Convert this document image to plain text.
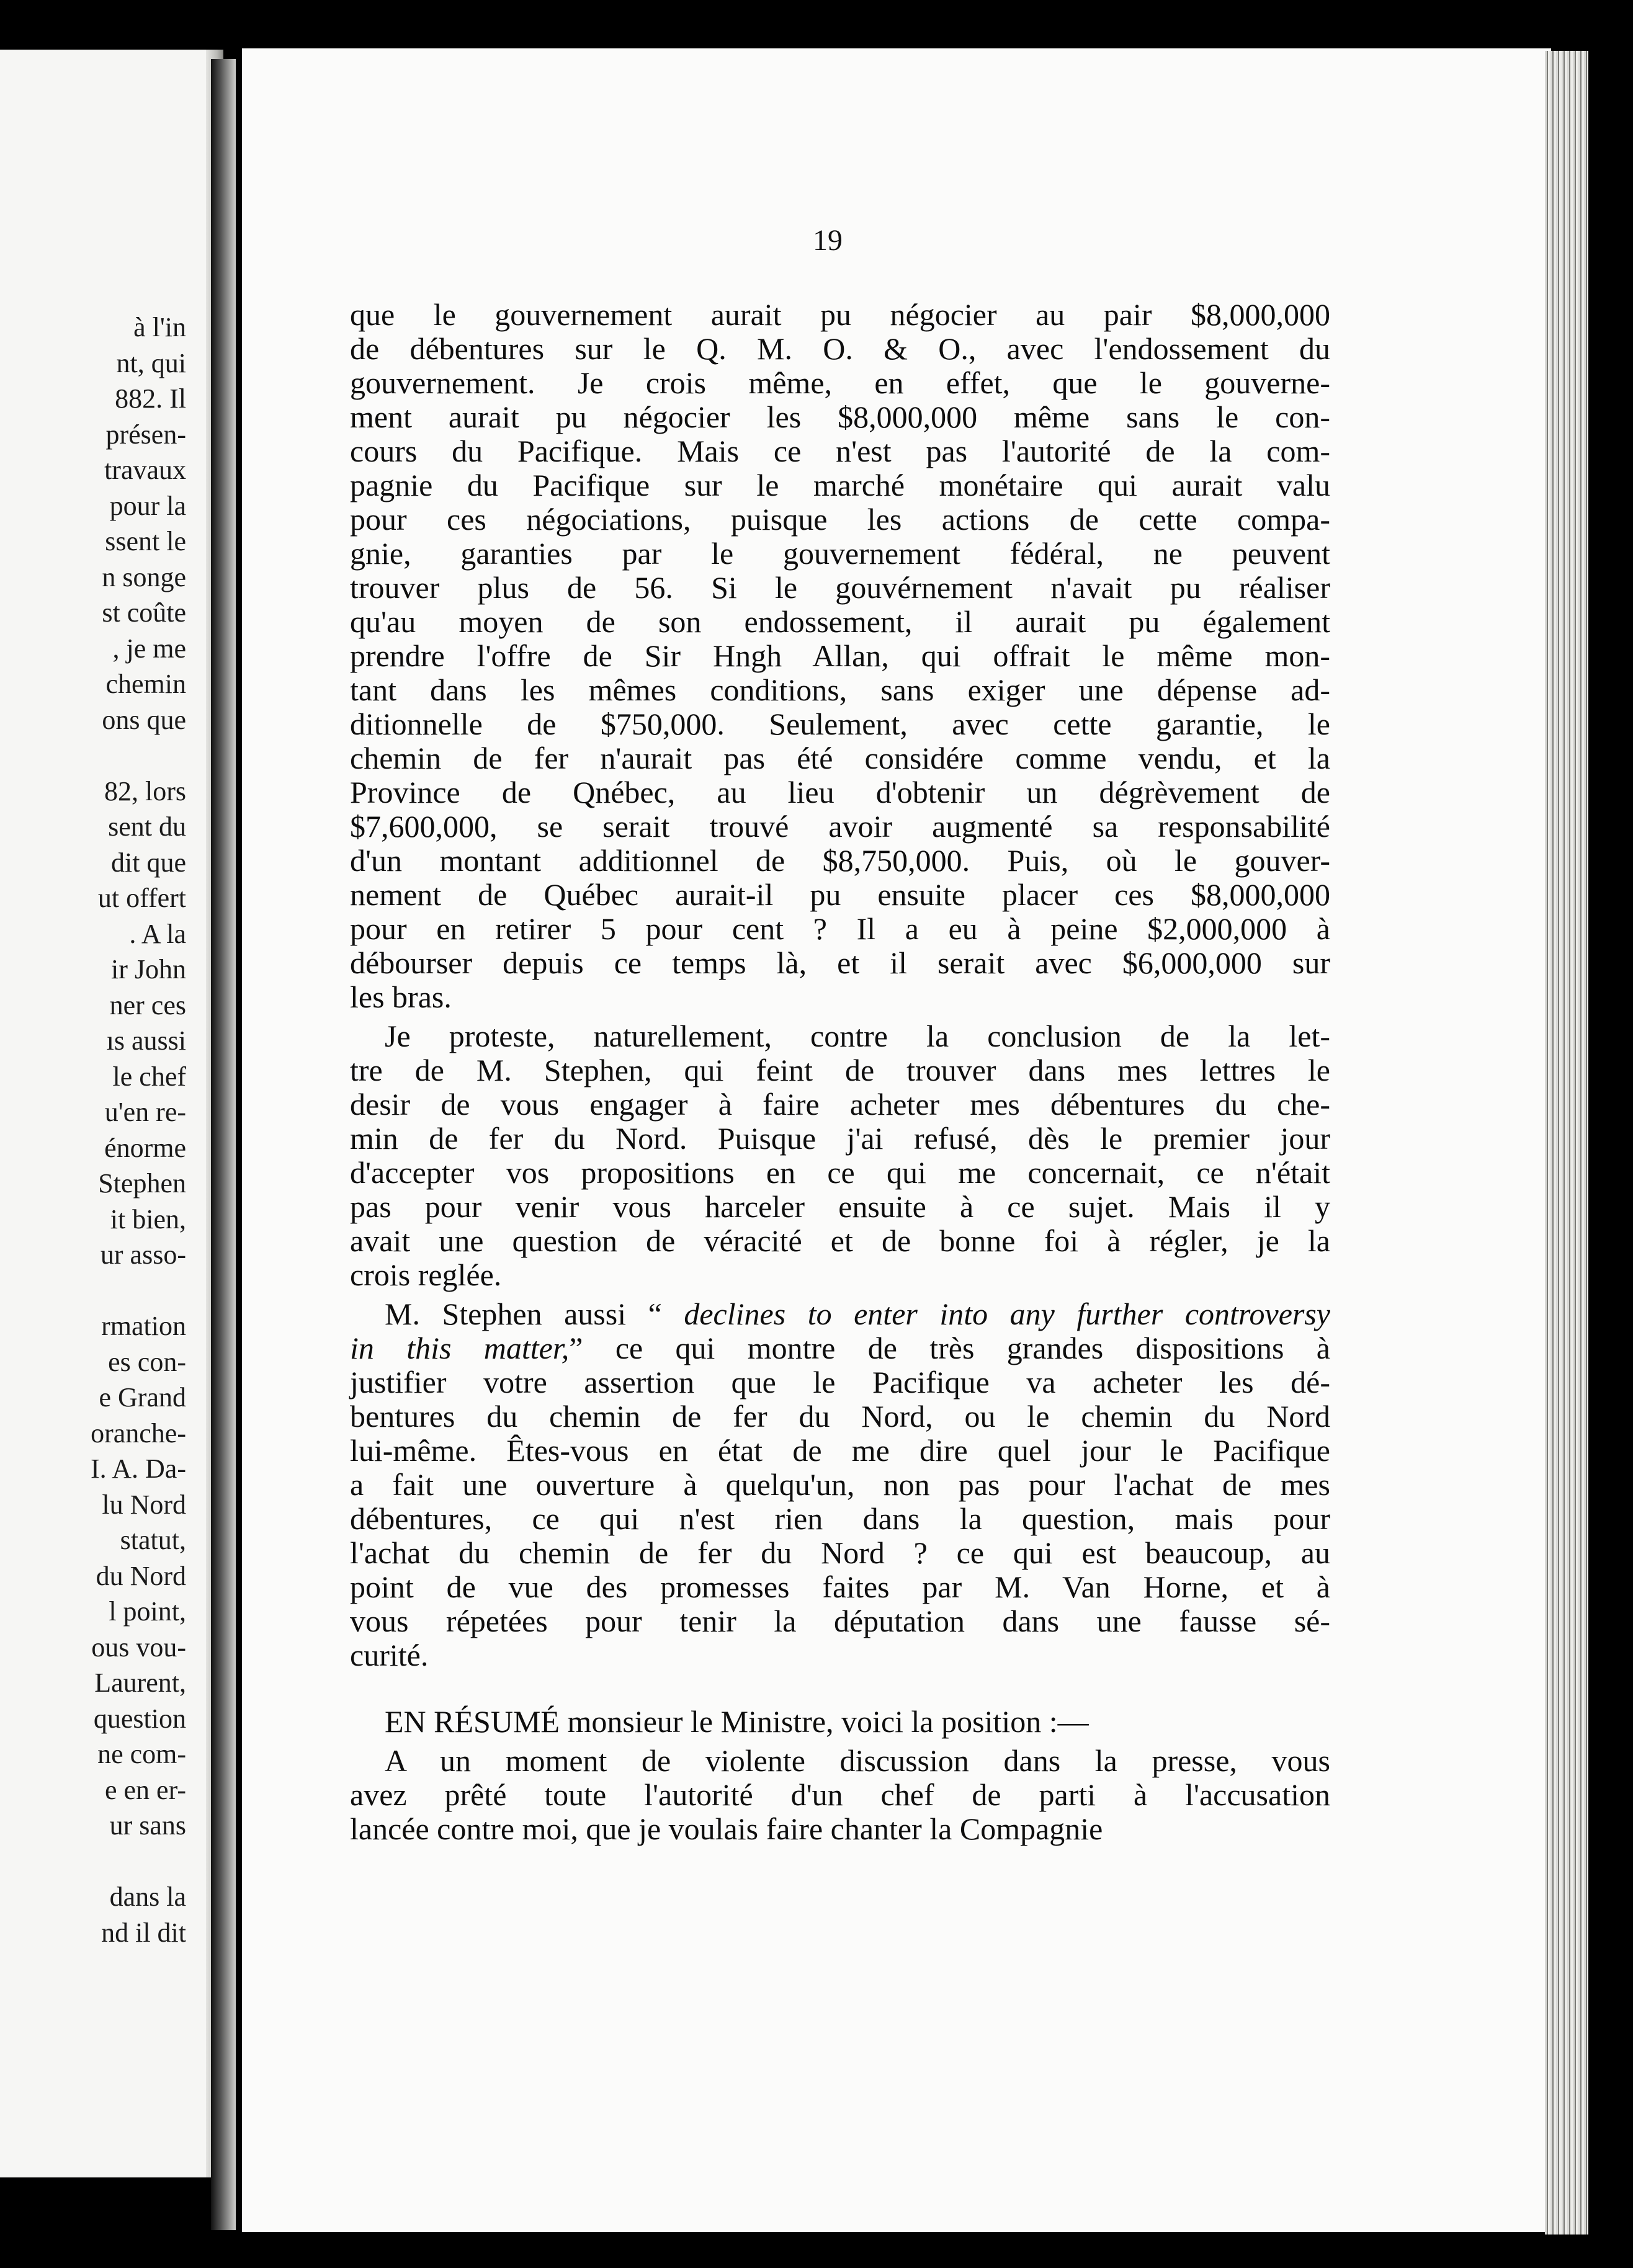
à l'in
nt, qui
882. Il
présen-
travaux
pour la
ssent le
n songe
st coûte
, je me
chemin
ons que
82, lors
sent du
dit que
ut offert
. A la
ir John
ner ces
ıs aussi
le chef
u'en re-
énorme
Stephen
it bien,
ur asso-
rmation
es con-
e Grand
oranche-
I. A. Da-
lu Nord
statut,
du Nord
l point,
ous vou-
Laurent,
question
ne com-
e en er-
ur sans
dans la
nd il dit
19
que le gouvernement aurait pu négocier au pair $8,000,000
de débentures sur le Q. M. O. & O., avec l'endossement du
gouvernement. Je crois même, en effet, que le gouverne-
ment aurait pu négocier les $8,000,000 même sans le con-
cours du Pacifique. Mais ce n'est pas l'autorité de la com-
pagnie du Pacifique sur le marché monétaire qui aurait valu
pour ces négociations, puisque les actions de cette compa-
gnie, garanties par le gouvernement fédéral, ne peuvent
trouver plus de 56. Si le gouvérnement n'avait pu réaliser
qu'au moyen de son endossement, il aurait pu également
prendre l'offre de Sir Hngh Allan, qui offrait le même mon-
tant dans les mêmes conditions, sans exiger une dépense ad-
ditionnelle de $750,000. Seulement, avec cette garantie, le
chemin de fer n'aurait pas été considére comme vendu, et la
Province de Qnébec, au lieu d'obtenir un dégrèvement de
$7,600,000, se serait trouvé avoir augmenté sa responsabilité
d'un montant additionnel de $8,750,000. Puis, où le gouver-
nement de Québec aurait-il pu ensuite placer ces $8,000,000
pour en retirer 5 pour cent ? Il a eu à peine $2,000,000 à
débourser depuis ce temps là, et il serait avec $6,000,000 sur
les bras.
Je proteste, naturellement, contre la conclusion de la let-
tre de M. Stephen, qui feint de trouver dans mes lettres le
desir de vous engager à faire acheter mes débentures du che-
min de fer du Nord. Puisque j'ai refusé, dès le premier jour
d'accepter vos propositions en ce qui me concernait, ce n'était
pas pour venir vous harceler ensuite à ce sujet. Mais il y
avait une question de véracité et de bonne foi à régler, je la
crois reglée.
M. Stephen aussi “ declines to enter into any further controversy
in this matter,” ce qui montre de très grandes dispositions à
justifier votre assertion que le Pacifique va acheter les dé-
bentures du chemin de fer du Nord, ou le chemin du Nord
lui-même. Êtes-vous en état de me dire quel jour le Pacifique
a fait une ouverture à quelqu'un, non pas pour l'achat de mes
débentures, ce qui n'est rien dans la question, mais pour
l'achat du chemin de fer du Nord ? ce qui est beaucoup, au
point de vue des promesses faites par M. Van Horne, et à
vous répetées pour tenir la députation dans une fausse sé-
curité.
EN RÉSUMÉ monsieur le Ministre, voici la position :—
A un moment de violente discussion dans la presse, vous
avez prêté toute l'autorité d'un chef de parti à l'accusation
lancée contre moi, que je voulais faire chanter la Compagnie
